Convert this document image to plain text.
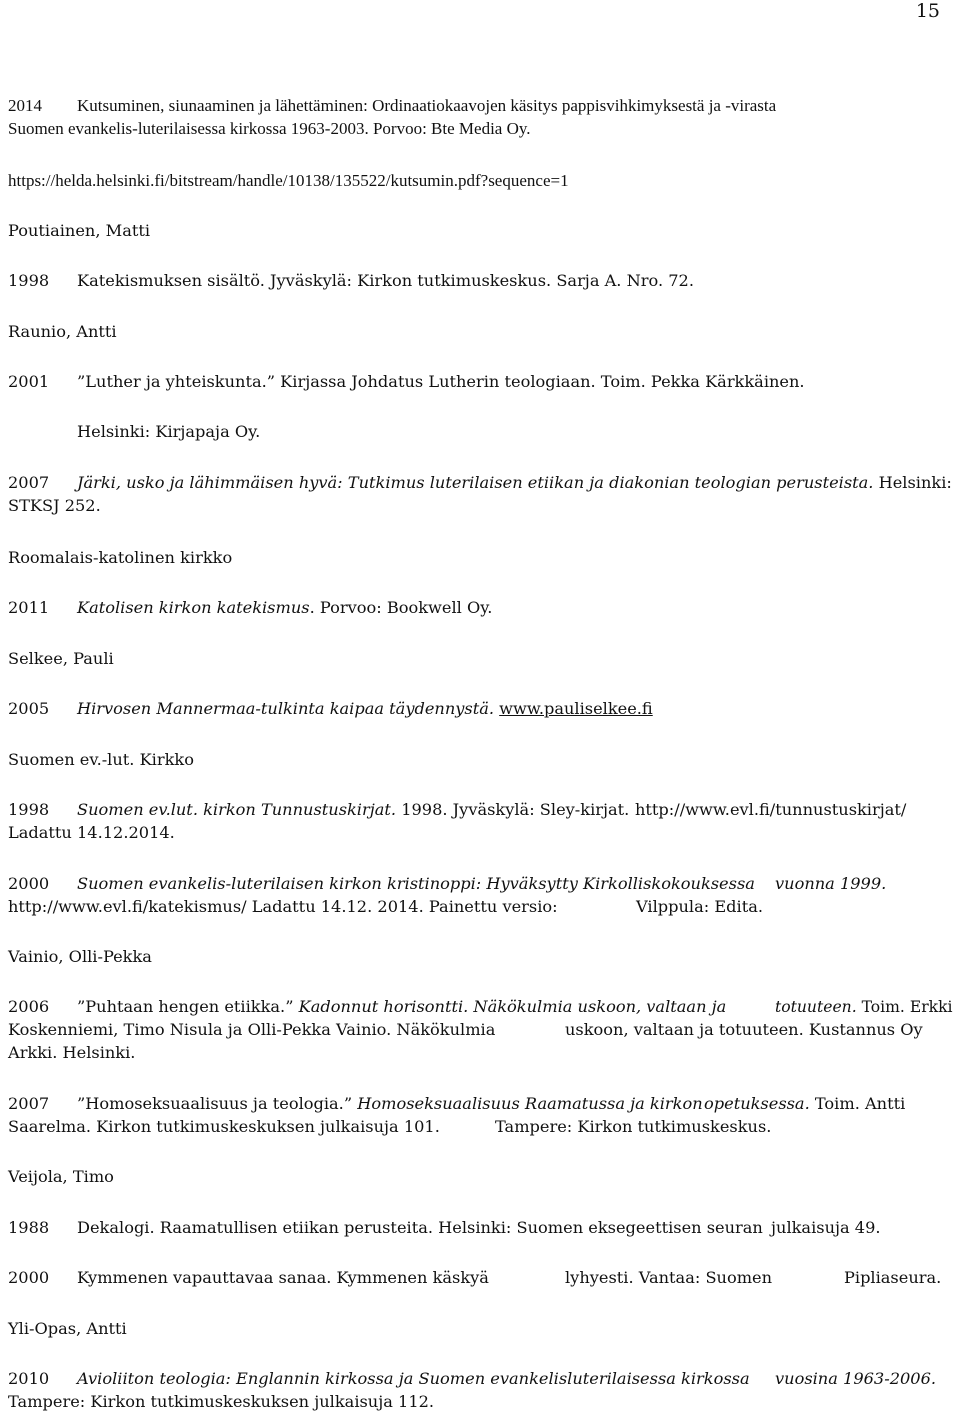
15
2014 Kutsuminen, siunaaminen ja lähettäminen: Ordinaatiokaavojen käsitys pappisvihkimyksestä ja -virasta
Suomen evankelis-luterilaisessa kirkossa 1963-2003. Porvoo: Bte Media Oy.
https://helda.helsinki.fi/bitstream/handle/10138/135522/kutsumin.pdf?sequence=1
Poutiainen, Matti
1998 Katekismuksen sisältö. Jyväskylä: Kirkon tutkimuskeskus. Sarja A. Nro. 72.
Raunio, Antti
2001 ”Luther ja yhteiskunta.” Kirjassa Johdatus Lutherin teologiaan. Toim. Pekka Kärkkäinen.
Helsinki: Kirjapaja Oy.
2007 Järki, usko ja lähimmäisen hyvä: Tutkimus luterilaisen etiikan ja diakonian teologian perusteista. Helsinki:
STKSJ 252.
Roomalais-katolinen kirkko
2011 Katolisen kirkon katekismus. Porvoo: Bookwell Oy.
Selkee, Pauli
2005 Hirvosen Mannermaa-tulkinta kaipaa täydennystä. www.pauliselkee.fi
Suomen ev.-lut. Kirkko
1998 Suomen ev.lut. kirkon Tunnustuskirjat. 1998. Jyväskylä: Sley-kirjat. http://www.evl.fi/tunnustuskirjat/
Ladattu 14.12.2014.
2000 Suomen evankelis-luterilaisen kirkon kristinoppi: Hyväksytty Kirkolliskokouksessa vuonna 1999.
http://www.evl.fi/katekismus/ Ladattu 14.12. 2014. Painettu versio:	Vilppula: Edita.
Vainio, Olli-Pekka
2006 ”Puhtaan hengen etiikka.” Kadonnut horisontti. Näkökulmia uskoon, valtaan ja	totuuteen. Toim. Erkki
Koskenniemi, Timo Nisula ja Olli-Pekka Vainio. Näkökulmia	uskoon, valtaan ja totuuteen. Kustannus Oy
Arkki. Helsinki.
2007 ”Homoseksuaalisuus ja teologia.” Homoseksuaalisuus Raamatussa ja kirkon opetuksessa. Toim. Antti
Saarelma. Kirkon tutkimuskeskuksen julkaisuja 101.	Tampere: Kirkon tutkimuskeskus.
Veijola, Timo
1988 Dekalogi. Raamatullisen etiikan perusteita. Helsinki: Suomen eksegeettisen seuran julkaisuja 49.
2000 Kymmenen vapauttavaa sanaa. Kymmenen käskyä	lyhyesti. Vantaa: Suomen	Pipliaseura.
Yli-Opas, Antti
2010 Avioliiton teologia: Englannin kirkossa ja Suomen evankelisluterilaisessa kirkossa vuosina 1963-2006.
Tampere: Kirkon tutkimuskeskuksen julkaisuja 112.
